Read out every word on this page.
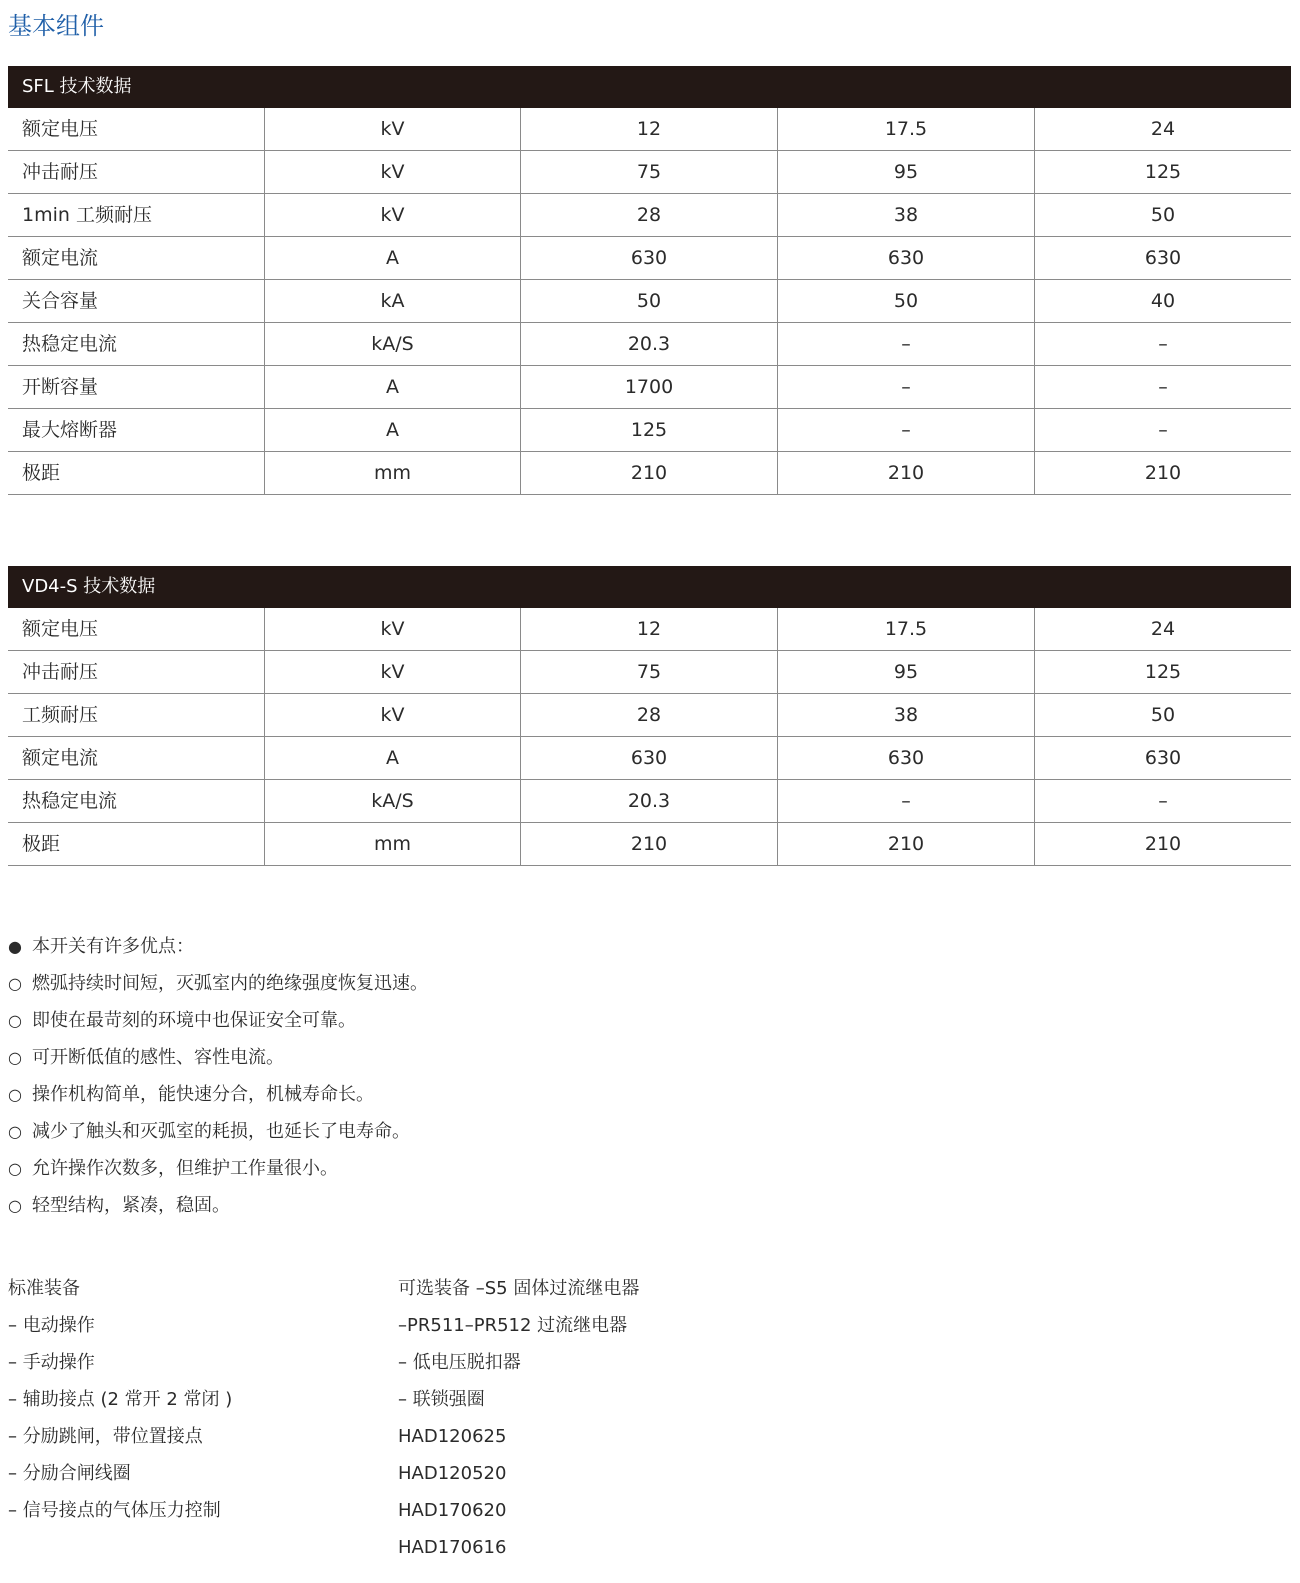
基本组件
SFL 技术数据
额定电压	kV	12	17.5	24
冲击耐压	kV	75	95	125
1min 工频耐压	kV	28	38	50
额定电流	A	630	630	630
关合容量	kA	50	50	40
热稳定电流	kA/S	20.3	–	–
开断容量	A	1700	–	–
最大熔断器	A	125	–	–
极距	mm	210	210	210
VD4-S 技术数据
额定电压	kV	12	17.5	24
冲击耐压	kV	75	95	125
工频耐压	kV	28	38	50
额定电流	A	630	630	630
热稳定电流	kA/S	20.3	–	–
极距	mm	210	210	210
● 本开关有许多优点：
○ 燃弧持续时间短，灭弧室内的绝缘强度恢复迅速。
○ 即使在最苛刻的环境中也保证安全可靠。
○ 可开断低值的感性、容性电流。
○ 操作机构简单，能快速分合，机械寿命长。
○ 减少了触头和灭弧室的耗损，也延长了电寿命。
○ 允许操作次数多，但维护工作量很小。
○ 轻型结构，紧凑，稳固。
标准装备
– 电动操作
– 手动操作
– 辅助接点 (2 常开 2 常闭 )
– 分励跳闸，带位置接点
– 分励合闸线圈
– 信号接点的气体压力控制
可选装备 –S5 固体过流继电器
–PR511–PR512 过流继电器
– 低电压脱扣器
– 联锁强圈
HAD120625
HAD120520
HAD170620
HAD170616
